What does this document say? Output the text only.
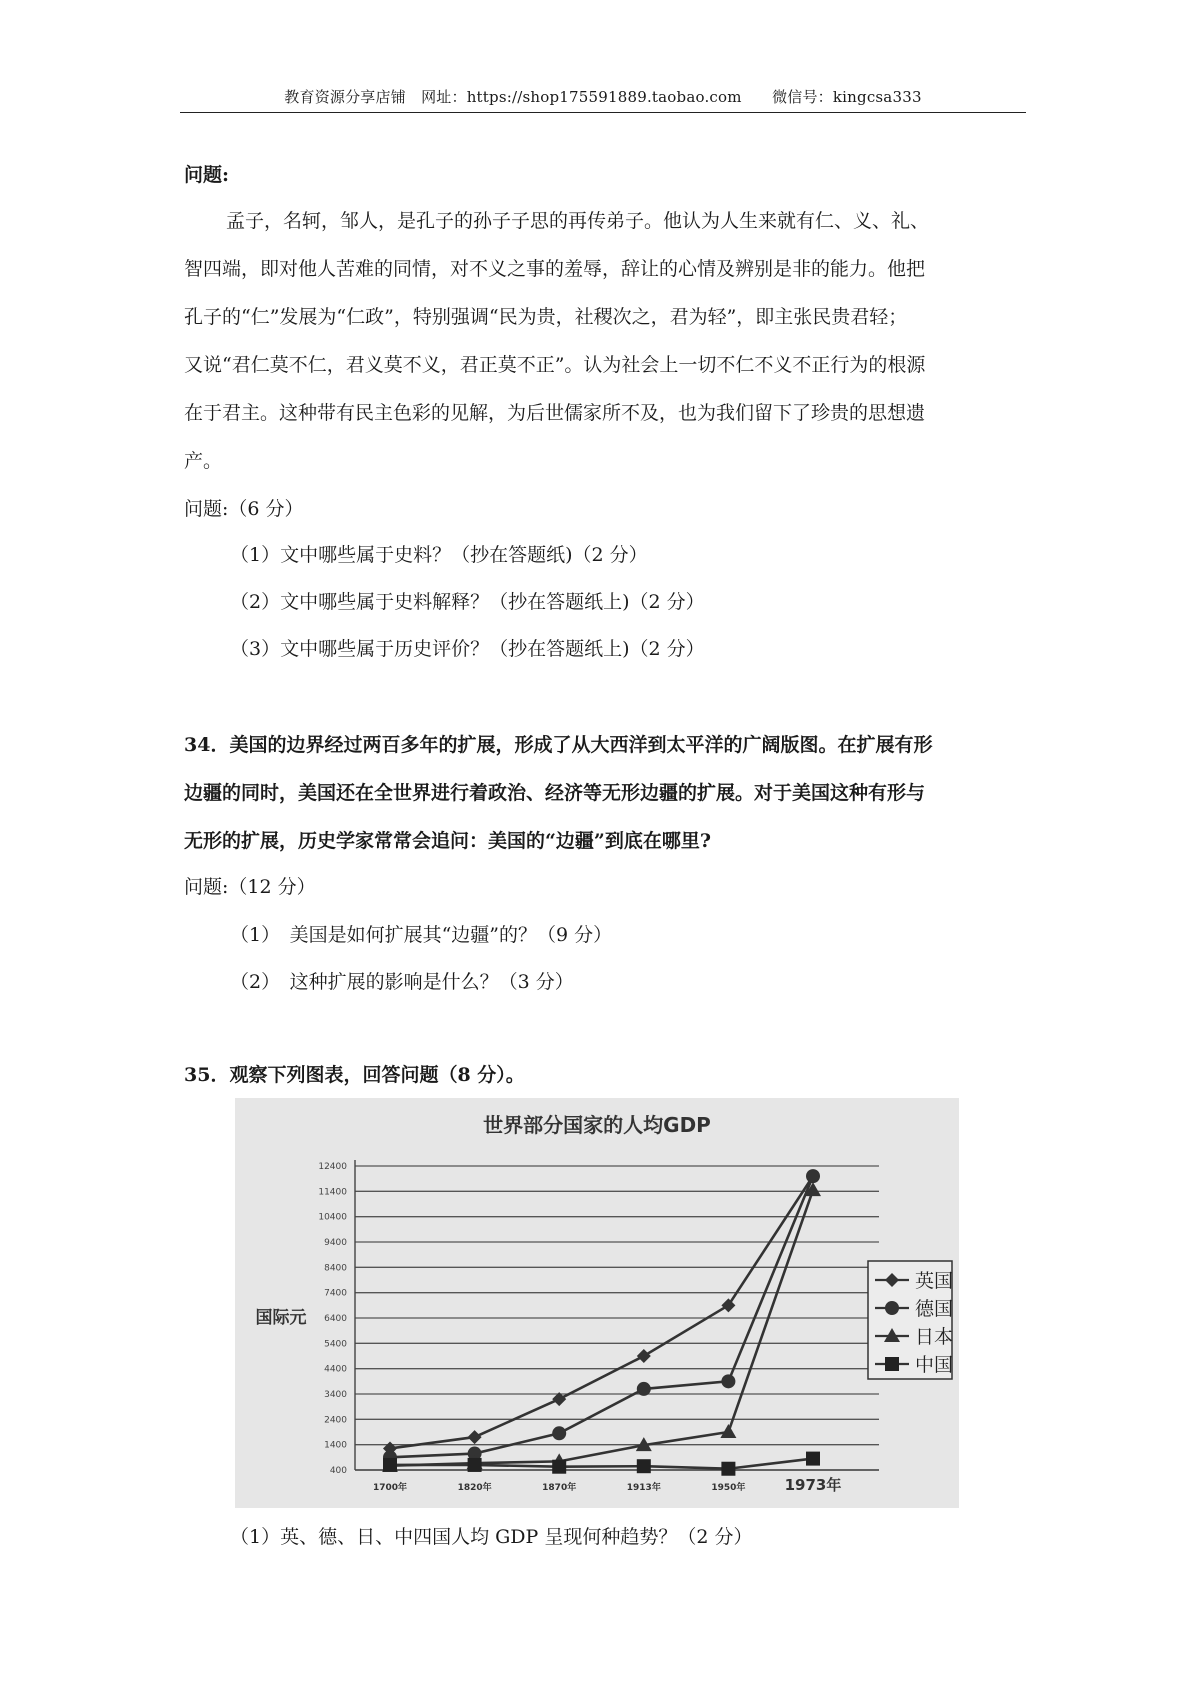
教育资源分享店铺　网址：https://shop175591889.taobao.com　　微信号：kingcsa333
问题:
孟子，名轲，邹人，是孔子的孙子子思的再传弟子。他认为人生来就有仁、义、礼、
智四端，即对他人苦难的同情，对不义之事的羞辱，辞让的心情及辨别是非的能力。他把
孔子的“仁”发展为“仁政”，特别强调“民为贵，社稷次之，君为轻”，即主张民贵君轻；
又说“君仁莫不仁，君义莫不义，君正莫不正”。认为社会上一切不仁不义不正行为的根源
在于君主。这种带有民主色彩的见解，为后世儒家所不及，也为我们留下了珍贵的思想遗
产。
问题:（6 分）
（1）文中哪些属于史料？（抄在答题纸)（2 分）
（2）文中哪些属于史料解释？（抄在答题纸上)（2 分）
（3）文中哪些属于历史评价？（抄在答题纸上)（2 分）
34．美国的边界经过两百多年的扩展，形成了从大西洋到太平洋的广阔版图。在扩展有形
边疆的同时，美国还在全世界进行着政治、经济等无形边疆的扩展。对于美国这种有形与
无形的扩展，历史学家常常会追问：美国的“边疆”到底在哪里?
问题:（12 分）
（1）　美国是如何扩展其“边疆”的？（9 分）
（2）　这种扩展的影响是什么？（3 分）
35．观察下列图表，回答问题（8 分）。
世界部分国家的人均GDP
国际元
400
1400
2400
3400
4400
5400
6400
7400
8400
9400
10400
11400
12400
1700年	1820年	1870年	1913年	1950年	1973年
英国
德国
日本
中国
（1）英、德、日、中四国人均 GDP 呈现何种趋势？（2 分）
